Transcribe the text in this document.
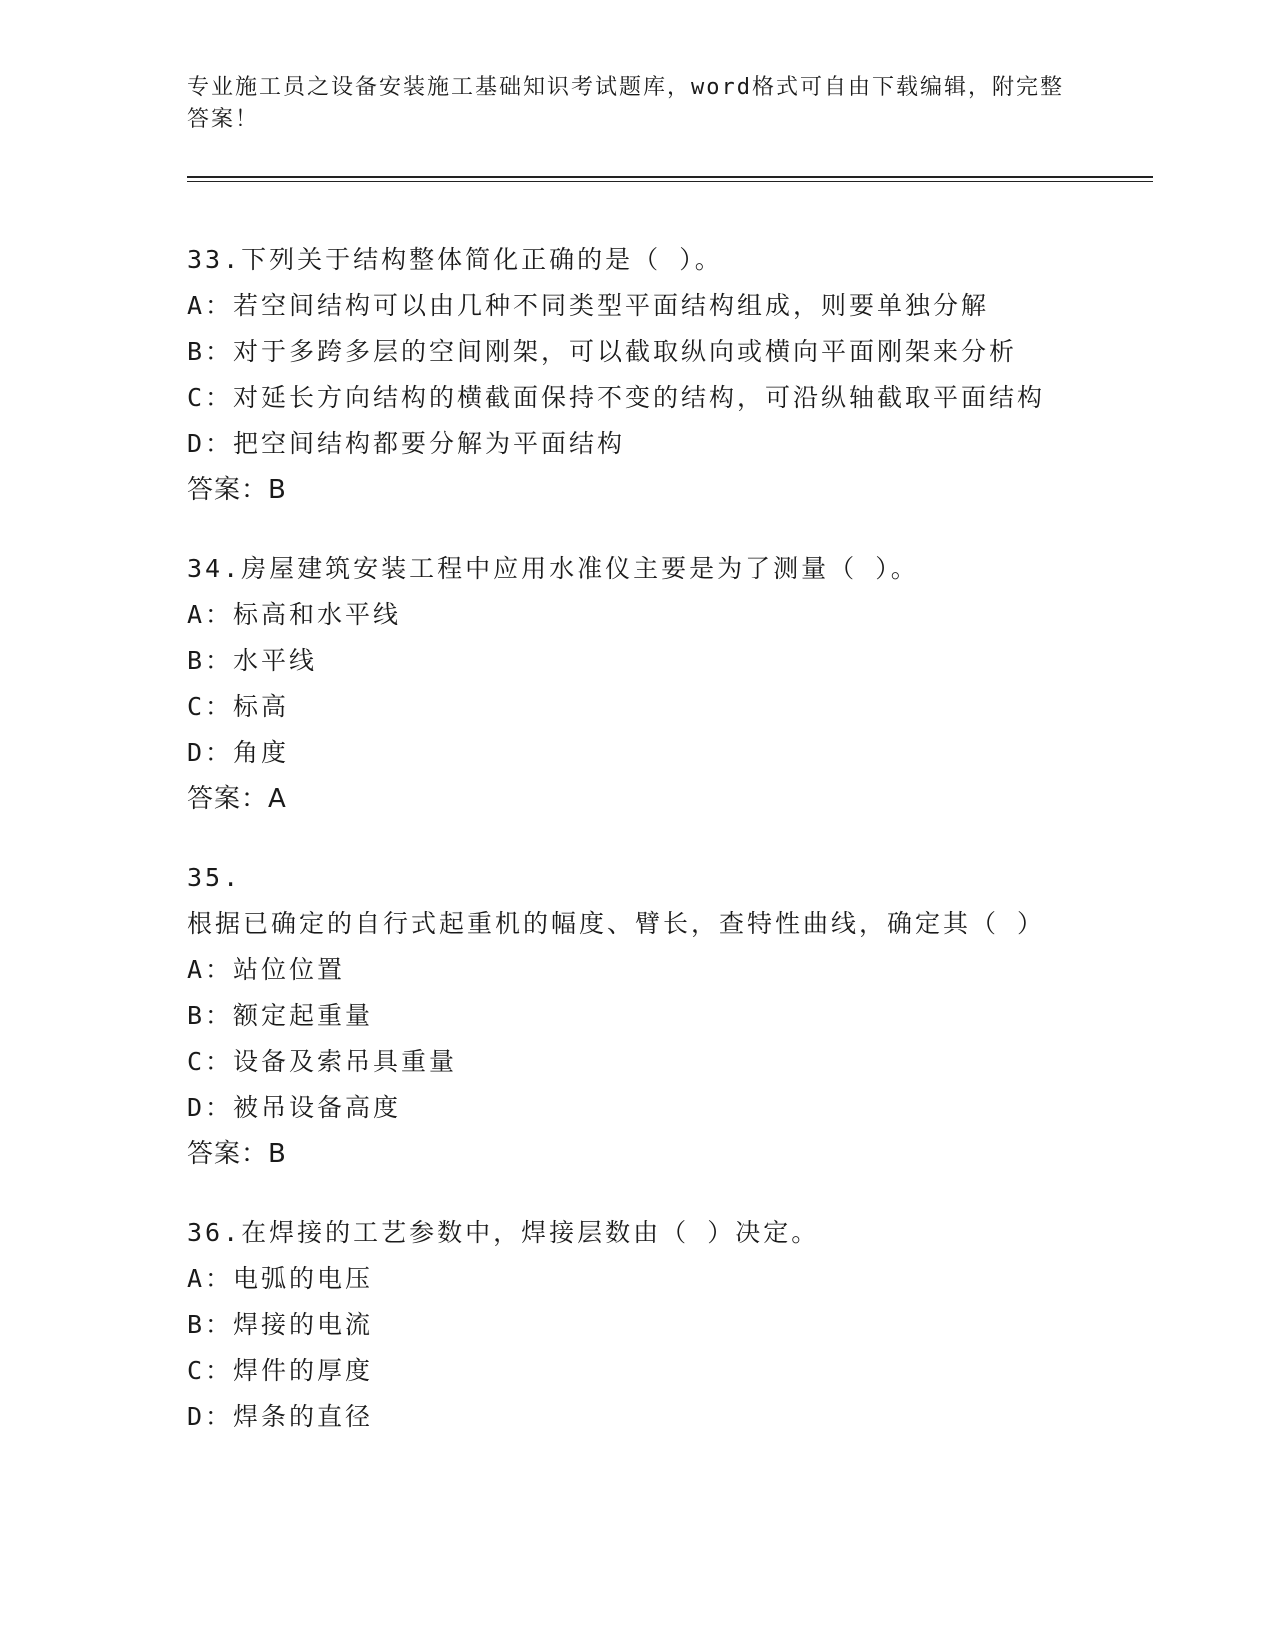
专业施工员之设备安装施工基础知识考试题库，word格式可自由下载编辑，附完整答案！
33.下列关于结构整体简化正确的是（ ）。
A：若空间结构可以由几种不同类型平面结构组成，则要单独分解
B：对于多跨多层的空间刚架，可以截取纵向或横向平面刚架来分析
C：对延长方向结构的横截面保持不变的结构，可沿纵轴截取平面结构
D：把空间结构都要分解为平面结构
答案：B
34.房屋建筑安装工程中应用水准仪主要是为了测量（ ）。
A：标高和水平线
B：水平线
C：标高
D：角度
答案：A
35.根据已确定的自行式起重机的幅度、臂长，查特性曲线，确定其（ ）
A：站位位置
B：额定起重量
C：设备及索吊具重量
D：被吊设备高度
答案：B
36.在焊接的工艺参数中，焊接层数由（ ）决定。
A：电弧的电压
B：焊接的电流
C：焊件的厚度
D：焊条的直径
